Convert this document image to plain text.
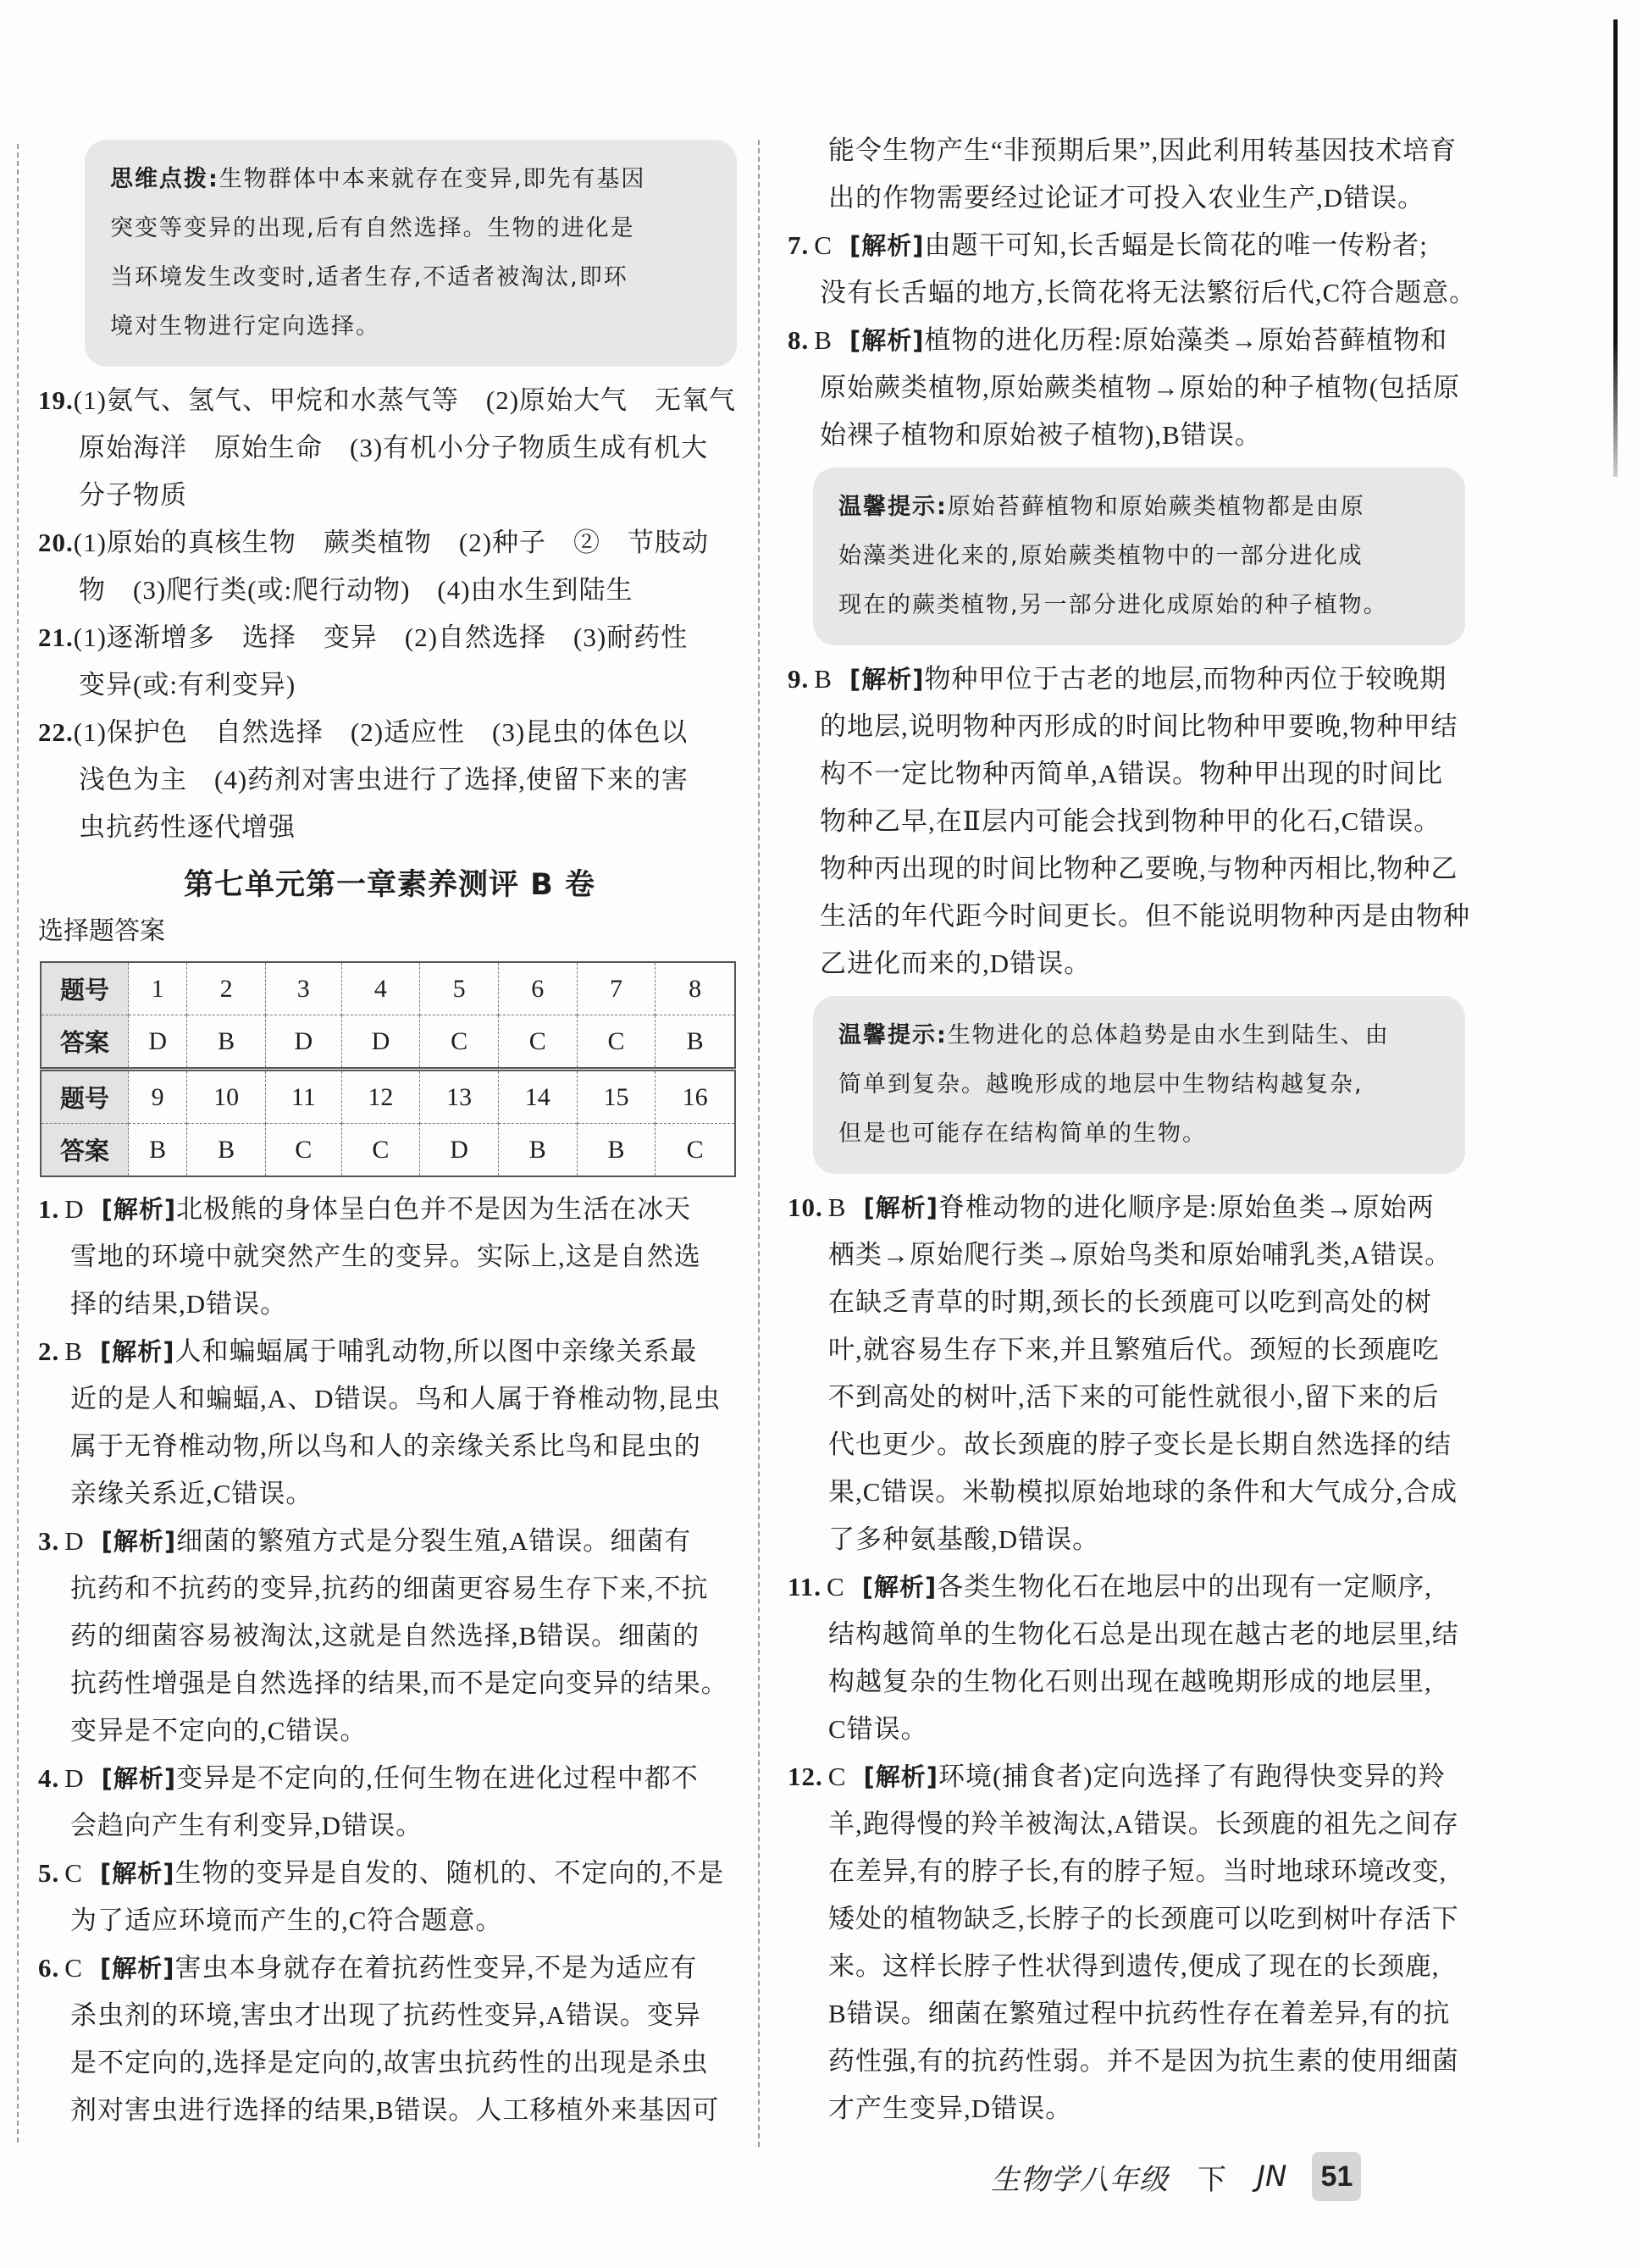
思维点拨:生物群体中本来就存在变异,即先有基因
突变等变异的出现,后有自然选择。生物的进化是
当环境发生改变时,适者生存,不适者被淘汰,即环
境对生物进行定向选择。
19.(1)氨气、氢气、甲烷和水蒸气等　(2)原始大气　无氧气
原始海洋　原始生命　(3)有机小分子物质生成有机大
分子物质
20.(1)原始的真核生物　蕨类植物　(2)种子　②　节肢动
物　(3)爬行类(或:爬行动物)　(4)由水生到陆生
21.(1)逐渐增多　选择　变异　(2)自然选择　(3)耐药性
变异(或:有利变异)
22.(1)保护色　自然选择　(2)适应性　(3)昆虫的体色以
浅色为主　(4)药剂对害虫进行了选择,使留下来的害
虫抗药性逐代增强
第七单元第一章素养测评 B 卷
选择题答案
题号	1	2	3	4	5	6	7	8
答案	D	B	D	D	C	C	C	B
题号	9	10	11	12	13	14	15	16
答案	B	B	C	C	D	B	B	C
1. D [解析]北极熊的身体呈白色并不是因为生活在冰天
雪地的环境中就突然产生的变异。实际上,这是自然选
择的结果,D错误。
2. B [解析]人和蝙蝠属于哺乳动物,所以图中亲缘关系最
近的是人和蝙蝠,A、D错误。鸟和人属于脊椎动物,昆虫
属于无脊椎动物,所以鸟和人的亲缘关系比鸟和昆虫的
亲缘关系近,C错误。
3. D [解析]细菌的繁殖方式是分裂生殖,A错误。细菌有
抗药和不抗药的变异,抗药的细菌更容易生存下来,不抗
药的细菌容易被淘汰,这就是自然选择,B错误。细菌的
抗药性增强是自然选择的结果,而不是定向变异的结果。
变异是不定向的,C错误。
4. D [解析]变异是不定向的,任何生物在进化过程中都不
会趋向产生有利变异,D错误。
5. C [解析]生物的变异是自发的、随机的、不定向的,不是
为了适应环境而产生的,C符合题意。
6. C [解析]害虫本身就存在着抗药性变异,不是为适应有
杀虫剂的环境,害虫才出现了抗药性变异,A错误。变异
是不定向的,选择是定向的,故害虫抗药性的出现是杀虫
剂对害虫进行选择的结果,B错误。人工移植外来基因可
能令生物产生“非预期后果”,因此利用转基因技术培育
出的作物需要经过论证才可投入农业生产,D错误。
7. C [解析]由题干可知,长舌蝠是长筒花的唯一传粉者;
没有长舌蝠的地方,长筒花将无法繁衍后代,C符合题意。
8. B [解析]植物的进化历程:原始藻类→原始苔藓植物和
原始蕨类植物,原始蕨类植物→原始的种子植物(包括原
始裸子植物和原始被子植物),B错误。
温馨提示:原始苔藓植物和原始蕨类植物都是由原
始藻类进化来的,原始蕨类植物中的一部分进化成
现在的蕨类植物,另一部分进化成原始的种子植物。
9. B [解析]物种甲位于古老的地层,而物种丙位于较晚期
的地层,说明物种丙形成的时间比物种甲要晚,物种甲结
构不一定比物种丙简单,A错误。物种甲出现的时间比
物种乙早,在Ⅱ层内可能会找到物种甲的化石,C错误。
物种丙出现的时间比物种乙要晚,与物种丙相比,物种乙
生活的年代距今时间更长。但不能说明物种丙是由物种
乙进化而来的,D错误。
温馨提示:生物进化的总体趋势是由水生到陆生、由
简单到复杂。越晚形成的地层中生物结构越复杂,
但是也可能存在结构简单的生物。
10. B [解析]脊椎动物的进化顺序是:原始鱼类→原始两
栖类→原始爬行类→原始鸟类和原始哺乳类,A错误。
在缺乏青草的时期,颈长的长颈鹿可以吃到高处的树
叶,就容易生存下来,并且繁殖后代。颈短的长颈鹿吃
不到高处的树叶,活下来的可能性就很小,留下来的后
代也更少。故长颈鹿的脖子变长是长期自然选择的结
果,C错误。米勒模拟原始地球的条件和大气成分,合成
了多种氨基酸,D错误。
11. C [解析]各类生物化石在地层中的出现有一定顺序,
结构越简单的生物化石总是出现在越古老的地层里,结
构越复杂的生物化石则出现在越晚期形成的地层里,
C错误。
12. C [解析]环境(捕食者)定向选择了有跑得快变异的羚
羊,跑得慢的羚羊被淘汰,A错误。长颈鹿的祖先之间存
在差异,有的脖子长,有的脖子短。当时地球环境改变,
矮处的植物缺乏,长脖子的长颈鹿可以吃到树叶存活下
来。这样长脖子性状得到遗传,便成了现在的长颈鹿,
B错误。细菌在繁殖过程中抗药性存在着差异,有的抗
药性强,有的抗药性弱。并不是因为抗生素的使用细菌
才产生变异,D错误。
生物学八年级 下 JN 51
